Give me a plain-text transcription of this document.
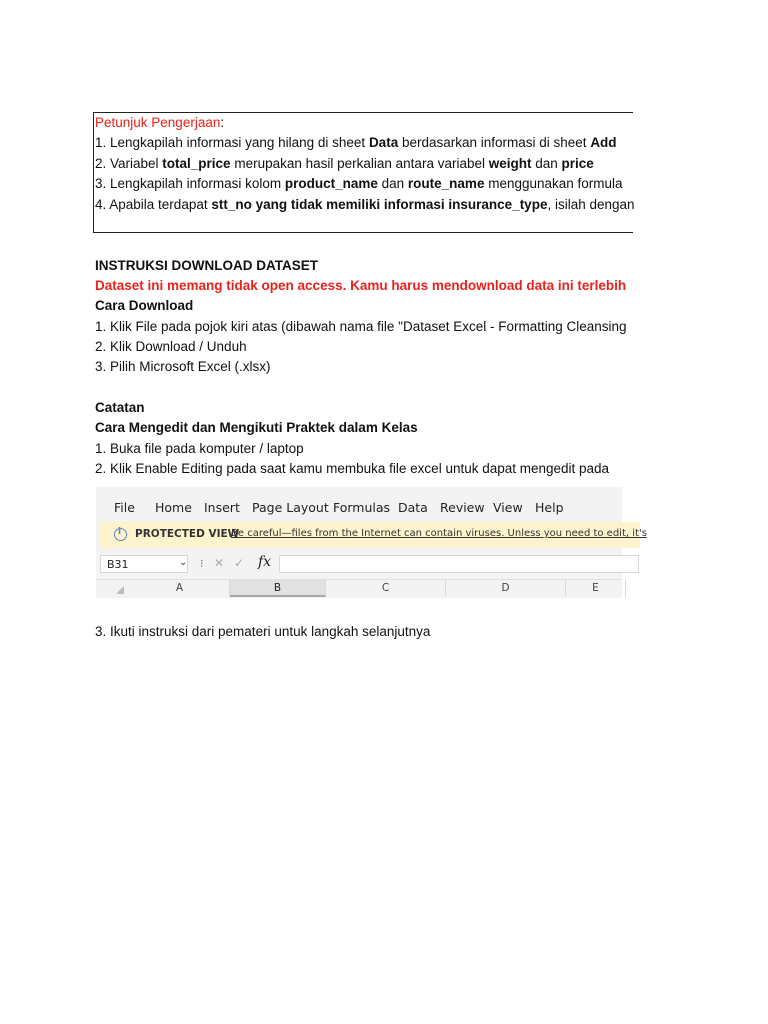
Petunjuk Pengerjaan:
1. Lengkapilah informasi yang hilang di sheet Data berdasarkan informasi di sheet Add
2. Variabel total_price merupakan hasil perkalian antara variabel weight dan price
3. Lengkapilah informasi kolom product_name dan route_name menggunakan formula
4. Apabila terdapat stt_no yang tidak memiliki informasi insurance_type, isilah dengan
INSTRUKSI DOWNLOAD DATASET
Dataset ini memang tidak open access. Kamu harus mendownload data ini terlebih
Cara Download
1. Klik File pada pojok kiri atas (dibawah nama file "Dataset Excel - Formatting Cleansing
2. Klik Download / Unduh
3. Pilih Microsoft Excel (.xlsx)
Catatan
Cara Mengedit dan Mengikuti Praktek dalam Kelas
1. Buka file pada komputer / laptop
2. Klik Enable Editing pada saat kamu membuka file excel untuk dapat mengedit pada
File Home Insert Page Layout Formulas Data Review View Help
i
PROTECTED VIEW
Be careful—files from the Internet can contain viruses. Unless you need to edit, it's
B31	⌄ ⁝ ✕ ✓ fx
A	B	C	D	E
3. Ikuti instruksi dari pemateri untuk langkah selanjutnya
